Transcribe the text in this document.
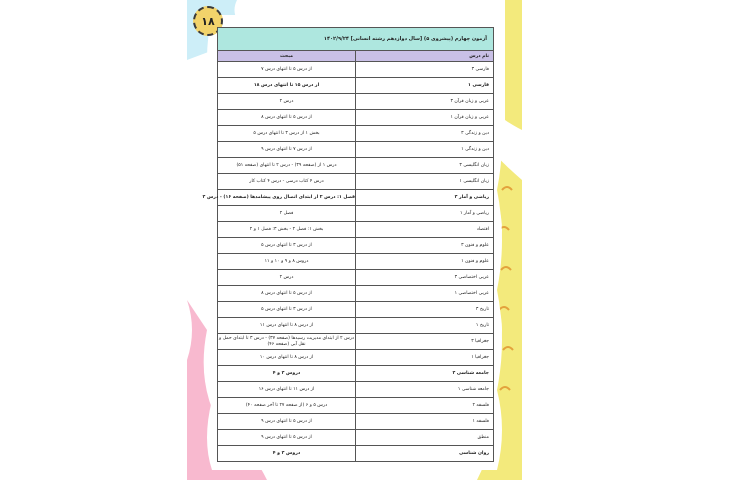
۱۸
آزمون چهارم (پیشروی ۵) [سال دوازدهم رشته انسانی] ۱۴۰۲/۹/۲۴	
نام درس	مبحث
فارسی ۳	از درس ۵ تا انتهای درس ۷
فارسی ۱	از درس ۱۵ تا انتهای درس ۱۸
عربی و زبان قرآن ۳	درس ۲
عربی و زبان قرآن ۱	از درس ۵ تا انتهای درس ۸
دین و زندگی ۳	بخش ۱ از درس ۳ تا انتهای درس ۵
دین و زندگی ۱	از درس ۷ تا انتهای درس ۹
زبان انگلیسی ۳	درس ۱ از (صفحه ۳۹) - درس ۲ تا انتهای (صفحه ۵۱)
زبان انگلیسی ۱	درس ۴ کتاب درسی - درس ۴ کتاب کار
ریاضی و آمار ۳	فصل ۱: درس ۲ از ابتدای اتصال روی پیشامدها (صفحه ۱۶) - درس ۳
ریاضی و آمار ۱	فصل ۲
اقتصاد	بخش ۱: فصل ۲ - بخش ۳: فصل ۱ و ۲
علوم و فنون ۳	از درس ۳ تا انتهای درس ۵
علوم و فنون ۱	دروس ۸ و ۹ و ۱۰ و ۱۱
عربی اختصاصی ۳	درس ۲
عربی اختصاصی ۱	از درس ۵ تا انتهای درس ۸
تاریخ ۳	از درس ۳ تا انتهای درس ۵
تاریخ ۱	از درس ۸ تا انتهای درس ۱۱
جغرافیا ۳	درس ۲ از ابتدای مدیریت رسیدها (صفحه ۳۷) - درس ۳ تا ابتدای حمل و نقل آبی (صفحه ۴۶)
جغرافیا ۱	از درس ۸ تا انتهای درس ۱۰
جامعه شناسی ۳	دروس ۳ و ۴
جامعه شناسی ۱	از درس ۱۱ تا انتهای درس ۱۶
فلسفه ۲	درس ۵ و ۶ (از صفحه ۲۷ تا آخر صفحه ۴۰)
فلسفه ۱	از درس ۵ تا انتهای درس ۹
منطق	از درس ۵ تا انتهای درس ۹
روان شناسی	دروس ۳ و ۴
